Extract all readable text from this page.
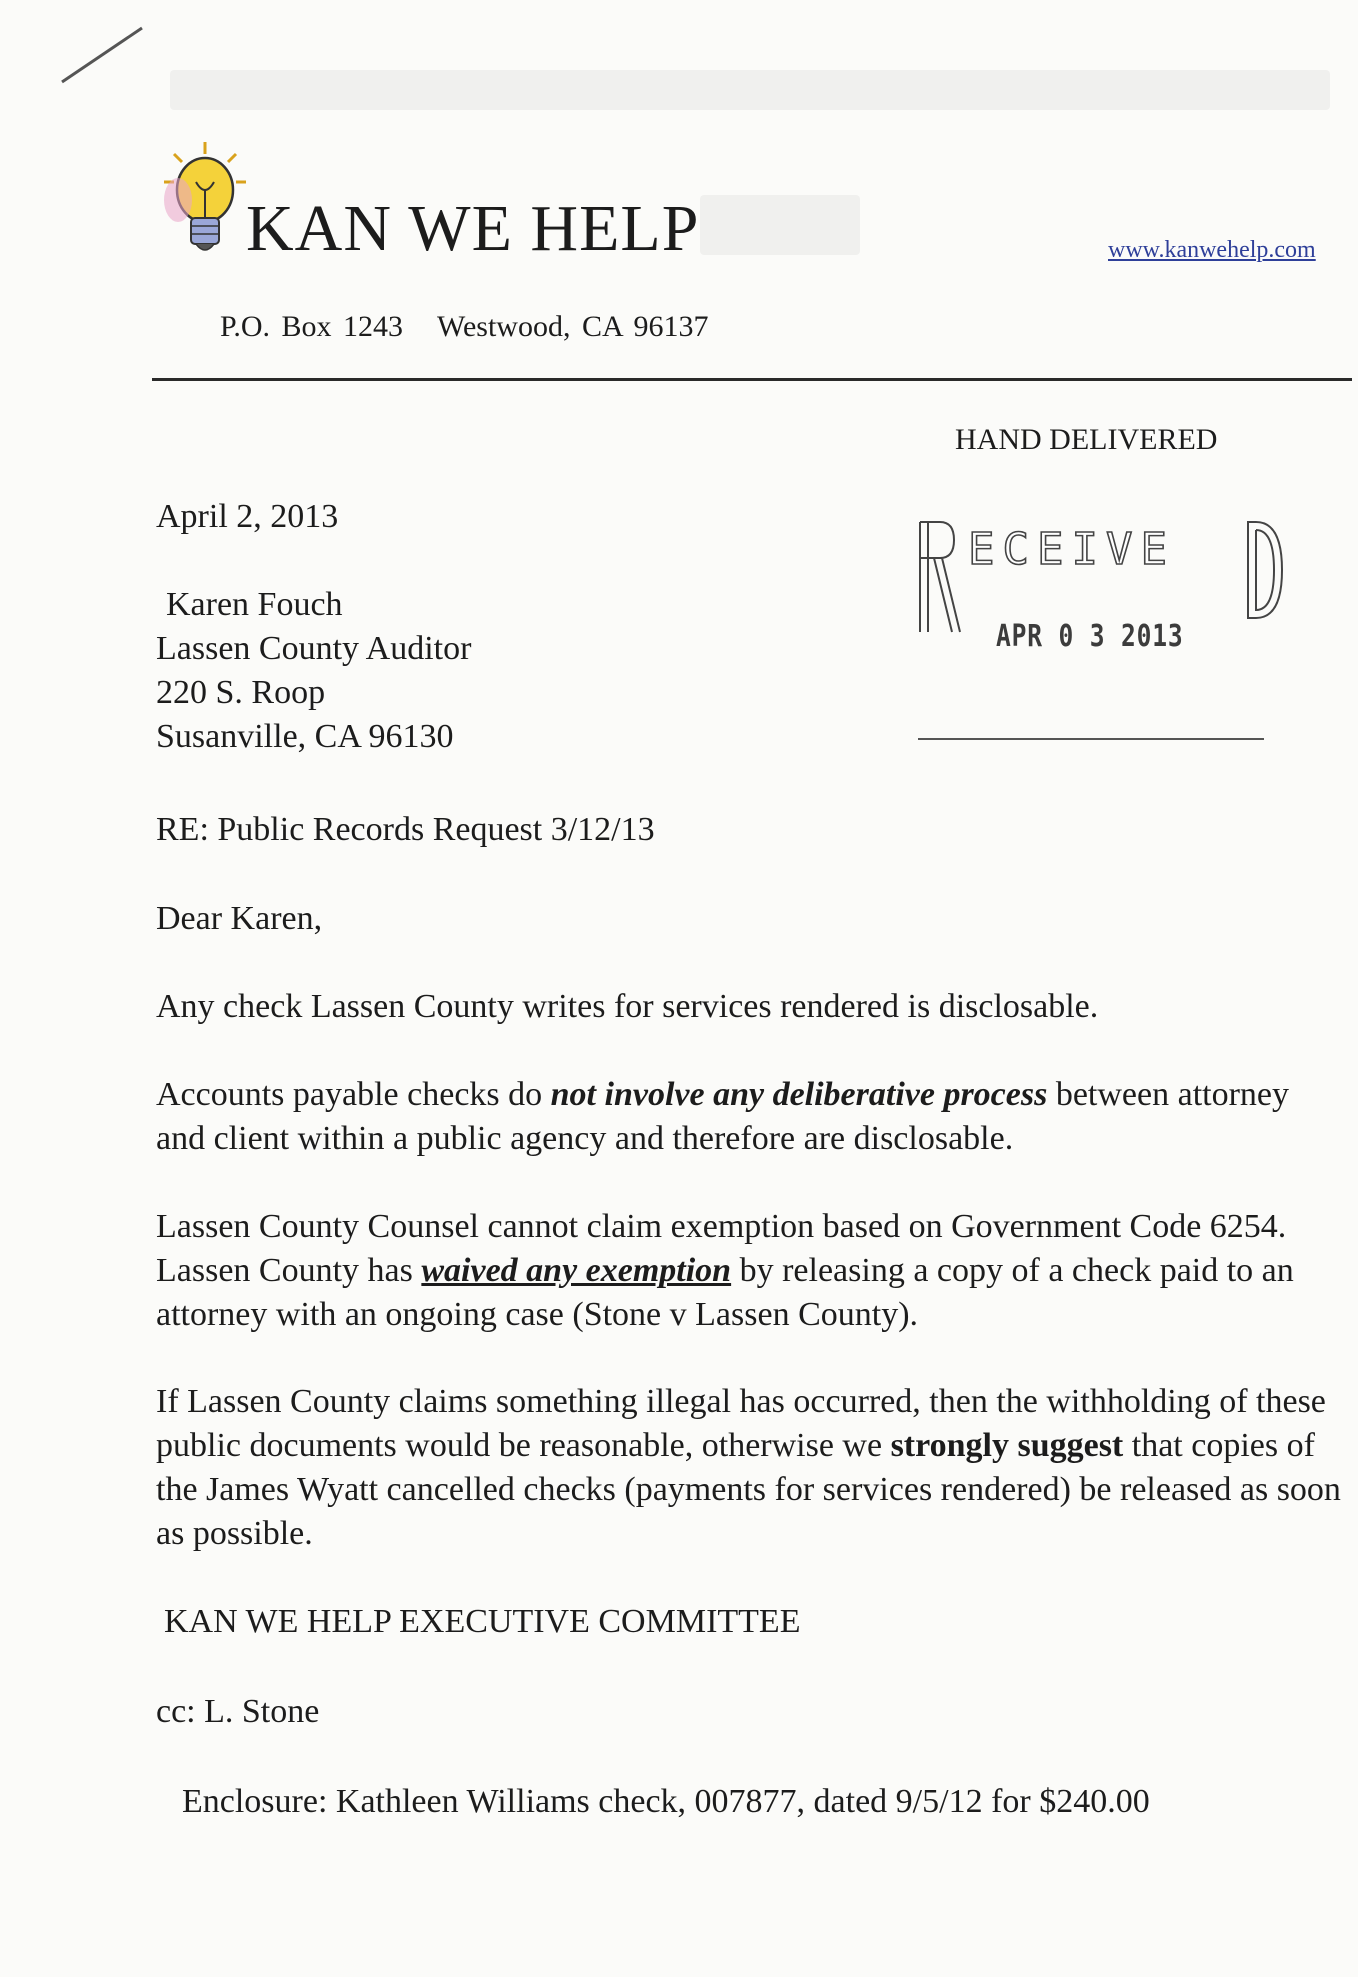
KAN WE HELP	www.kanwehelp.com
P.O. Box 1243 Westwood, CA 96137
HAND DELIVERED
ECEIVE
APR 0 3 2013
April 2, 2013
Karen Fouch
Lassen County Auditor
220 S. Roop
Susanville, CA 96130
RE: Public Records Request 3/12/13
Dear Karen,
Any check Lassen County writes for services rendered is disclosable.
Accounts payable checks do not involve any deliberative process between attorney and client within a public agency and therefore are disclosable.
Lassen County Counsel cannot claim exemption based on Government Code 6254. Lassen County has waived any exemption by releasing a copy of a check paid to an attorney with an ongoing case (Stone v Lassen County).
If Lassen County claims something illegal has occurred, then the withholding of these public documents would be reasonable, otherwise we strongly suggest that copies of the James Wyatt cancelled checks (payments for services rendered) be released as soon as possible.
KAN WE HELP EXECUTIVE COMMITTEE
cc: L. Stone
Enclosure: Kathleen Williams check, 007877, dated 9/5/12 for $240.00
